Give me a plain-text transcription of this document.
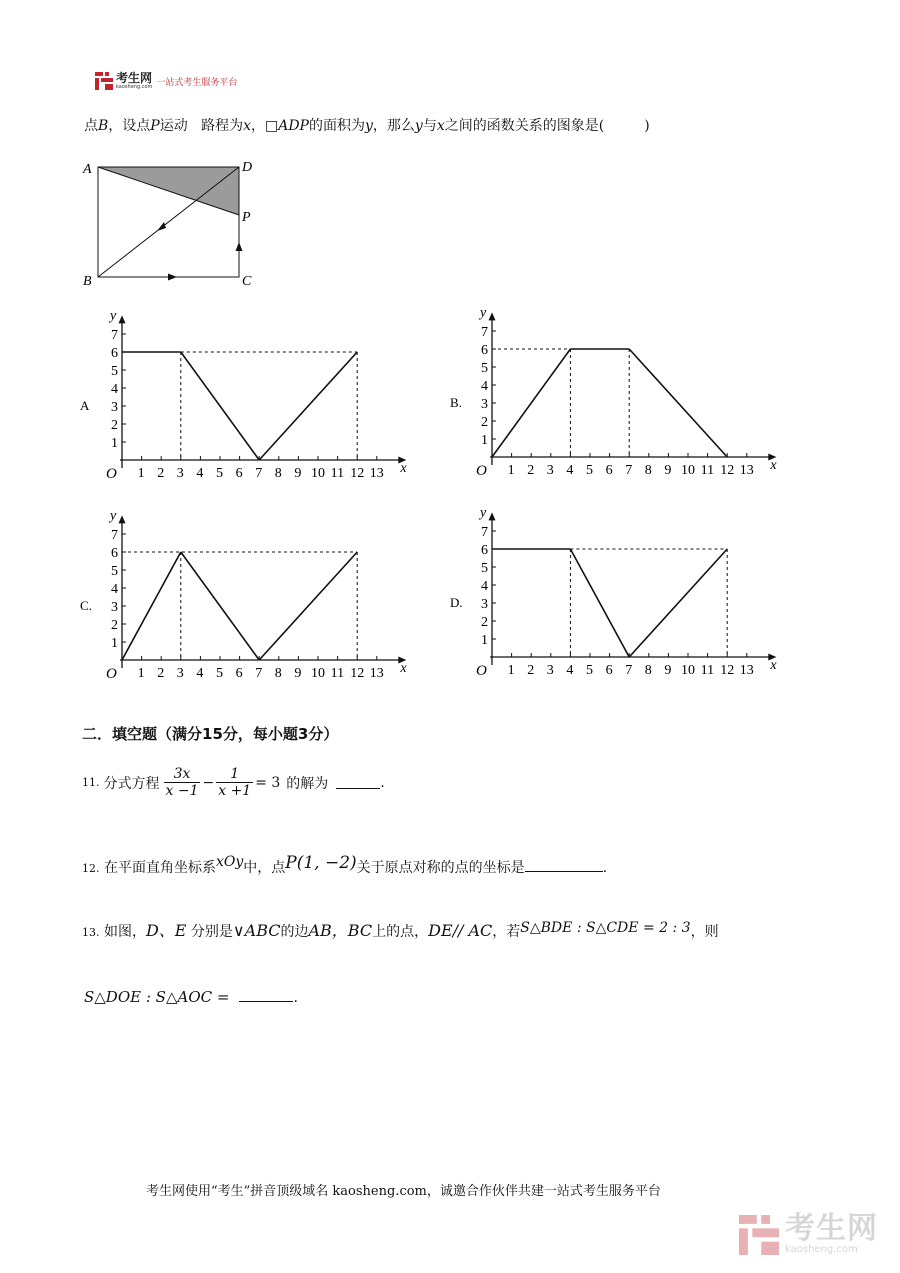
考生网
kaosheng.com 一站式考生服务平台
点B，设点P运动 路程为x，□ADP的面积为y，那么y与x之间的函数关系的图象是(	)
A	D
P
B	C
A
y
x
O
1
2
3
4
5
6
7
1 2 3 4 5 6 7 8 9 10 11 12 13
B.
y
x
O
1
2
3
4
5
6
7
1 2 3 4 5 6 7 8 9 10 11 12 13
C.
y
x
O
1
2
3
4
5
6
7
1 2 3 4 5 6 7 8 9 10 11 12 13
D.
y
x
O
1
2
3
4
5
6
7
1 2 3 4 5 6 7 8 9 10 11 12 13
二．填空题（满分15分，每小题3分）
11. 分式方程 $\frac{3x}{x -1} - \frac{1}{x +1} = 3$ 的解为	.
12. 在平面直角坐标系xOy中，点P(1, −2)关于原点对称的点的坐标是	.
13. 如图，D、E 分别是∨ABC的边AB，BC上的点，DE// AC，若S△BDE : S△CDE = 2 : 3，则
S△DOE : S△AOC =	.
考生网使用“考生”拼音顶级域名 kaosheng.com，诚邀合作伙伴共建一站式考生服务平台
考生网
kaosheng.com
